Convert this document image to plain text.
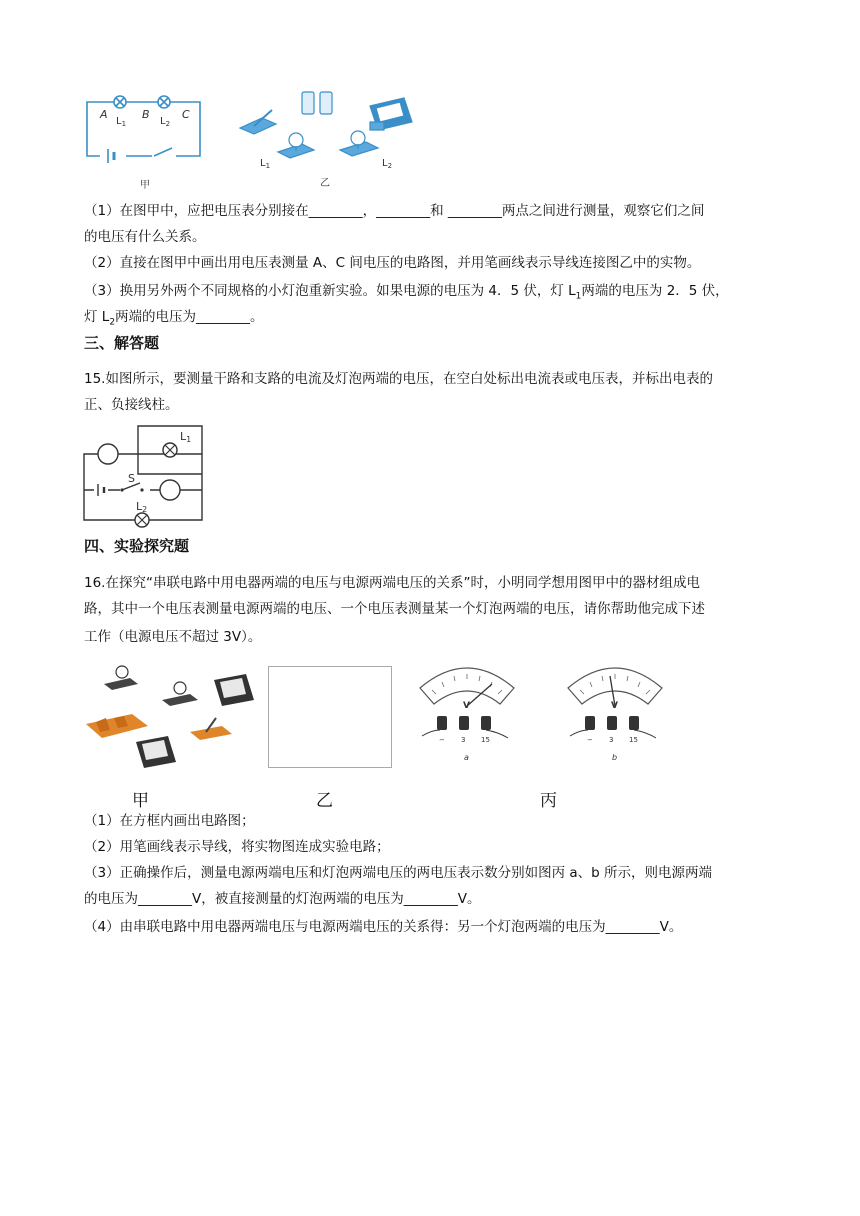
A	B	C
$L_1$	$L_2$
甲
$L_1$	$L_2$
乙
（1）在图甲中，应把电压表分别接在________，________和 ________两点之间进行测量，观察它们之间
的电压有什么关系。
（2）直接在图甲中画出用电压表测量 A、C 间电压的电路图，并用笔画线表示导线连接图乙中的实物。
（3）换用另外两个不同规格的小灯泡重新实验。如果电源的电压为 4．5 伏，灯 $L_1$两端的电压为 2．5 伏，
灯 $L_2$两端的电压为________。
三、解答题
15.如图所示，要测量干路和支路的电流及灯泡两端的电压，在空白处标出电流表或电压表，并标出电表的
正、负接线柱。
L1
S
L2
四、实验探究题
16.在探究“串联电路中用电器两端的电压与电源两端电压的关系”时，小明同学想用图甲中的器材组成电
路，其中一个电压表测量电源两端的电压、一个电压表测量某一个灯泡两端的电压，请你帮助他完成下述
工作（电源电压不超过 3V）。
V
− 3 15
a
V
− 3 15
b
甲	乙	丙
（1）在方框内画出电路图；
（2）用笔画线表示导线，将实物图连成实验电路；
（3）正确操作后，测量电源两端电压和灯泡两端电压的两电压表示数分别如图丙 a、b 所示，则电源两端
的电压为________V，被直接测量的灯泡两端的电压为________V。
（4）由串联电路中用电器两端电压与电源两端电压的关系得：另一个灯泡两端的电压为________V。
